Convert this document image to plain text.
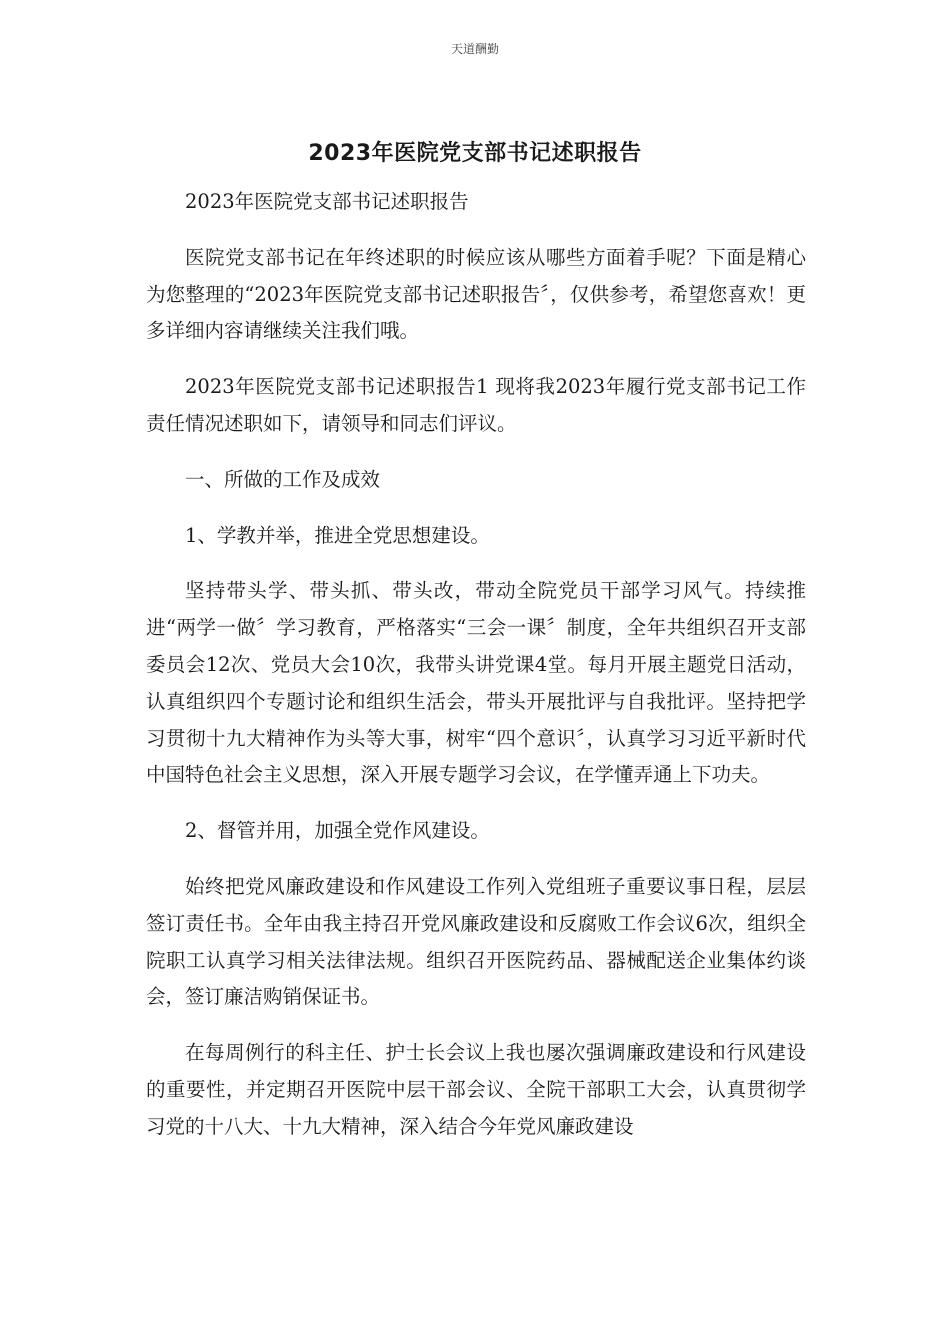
天道酬勤
2023年医院党支部书记述职报告

2023年医院党支部书记述职报告

医院党支部书记在年终述职的时候应该从哪些方面着手呢？下面是精心为您整理的“2023年医院党支部书记述职报告〞，仅供参考，希望您喜欢！更多详细内容请继续关注我们哦。

2023年医院党支部书记述职报告1 现将我2023年履行党支部书记工作责任情况述职如下，请领导和同志们评议。

一、所做的工作及成效

1、学教并举，推进全党思想建设。

坚持带头学、带头抓、带头改，带动全院党员干部学习风气。持续推进“两学一做〞学习教育，严格落实“三会一课〞制度，全年共组织召开支部委员会12次、党员大会10次，我带头讲党课4堂。每月开展主题党日活动，认真组织四个专题讨论和组织生活会，带头开展批评与自我批评。坚持把学习贯彻十九大精神作为头等大事，树牢“四个意识〞，认真学习习近平新时代中国特色社会主义思想，深入开展专题学习会议，在学懂弄通上下功夫。

2、督管并用，加强全党作风建设。

始终把党风廉政建设和作风建设工作列入党组班子重要议事日程，层层签订责任书。全年由我主持召开党风廉政建设和反腐败工作会议6次，组织全院职工认真学习相关法律法规。组织召开医院药品、器械配送企业集体约谈会，签订廉洁购销保证书。

在每周例行的科主任、护士长会议上我也屡次强调廉政建设和行风建设的重要性，并定期召开医院中层干部会议、全院干部职工大会，认真贯彻学习党的十八大、十九大精神，深入结合今年党风廉政建设
